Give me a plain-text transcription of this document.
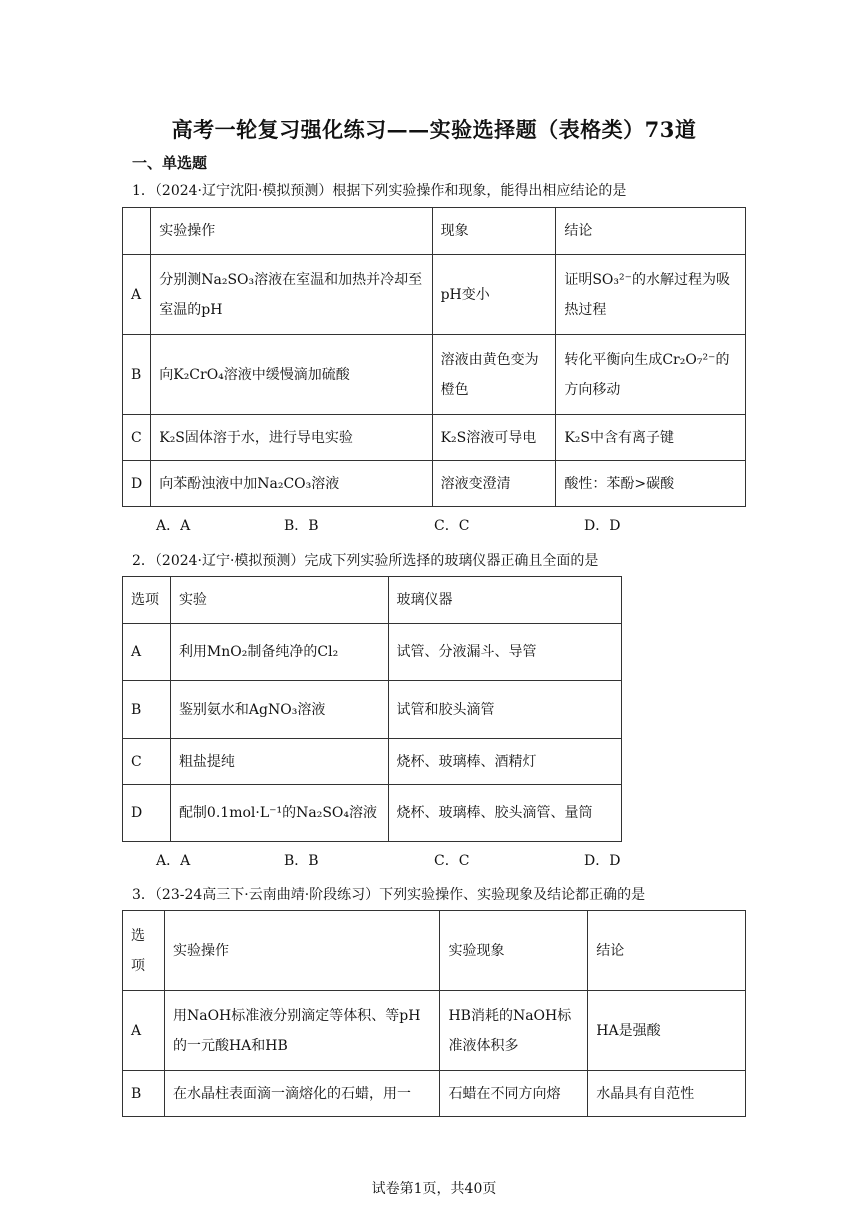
高考一轮复习强化练习——实验选择题（表格类）73道
一、单选题
1．（2024·辽宁沈阳·模拟预测）根据下列实验操作和现象，能得出相应结论的是
	实验操作	现象	结论
A	分别测Na₂SO₃溶液在室温和加热并冷却至室温的pH	pH变小	证明SO₃²⁻的水解过程为吸热过程
B	向K₂CrO₄溶液中缓慢滴加硫酸	溶液由黄色变为橙色	转化平衡向生成Cr₂O₇²⁻的方向移动
C	K₂S固体溶于水，进行导电实验	K₂S溶液可导电	K₂S中含有离子键
D	向苯酚浊液中加Na₂CO₃溶液	溶液变澄清	酸性：苯酚>碳酸
A．A	B．B	C．C	D．D
2．（2024·辽宁·模拟预测）完成下列实验所选择的玻璃仪器正确且全面的是
选项	实验	玻璃仪器
A	利用MnO₂制备纯净的Cl₂	试管、分液漏斗、导管
B	鉴别氨水和AgNO₃溶液	试管和胶头滴管
C	粗盐提纯	烧杯、玻璃棒、酒精灯
D	配制0.1mol·L⁻¹的Na₂SO₄溶液	烧杯、玻璃棒、胶头滴管、量筒
A．A	B．B	C．C	D．D
3．（23-24高三下·云南曲靖·阶段练习）下列实验操作、实验现象及结论都正确的是
选项	实验操作	实验现象	结论
A	用NaOH标准液分别滴定等体积、等pH的一元酸HA和HB	HB消耗的NaOH标准液体积多	HA是强酸
B	在水晶柱表面滴一滴熔化的石蜡，用一	石蜡在不同方向熔	水晶具有自范性
试卷第1页，共40页
